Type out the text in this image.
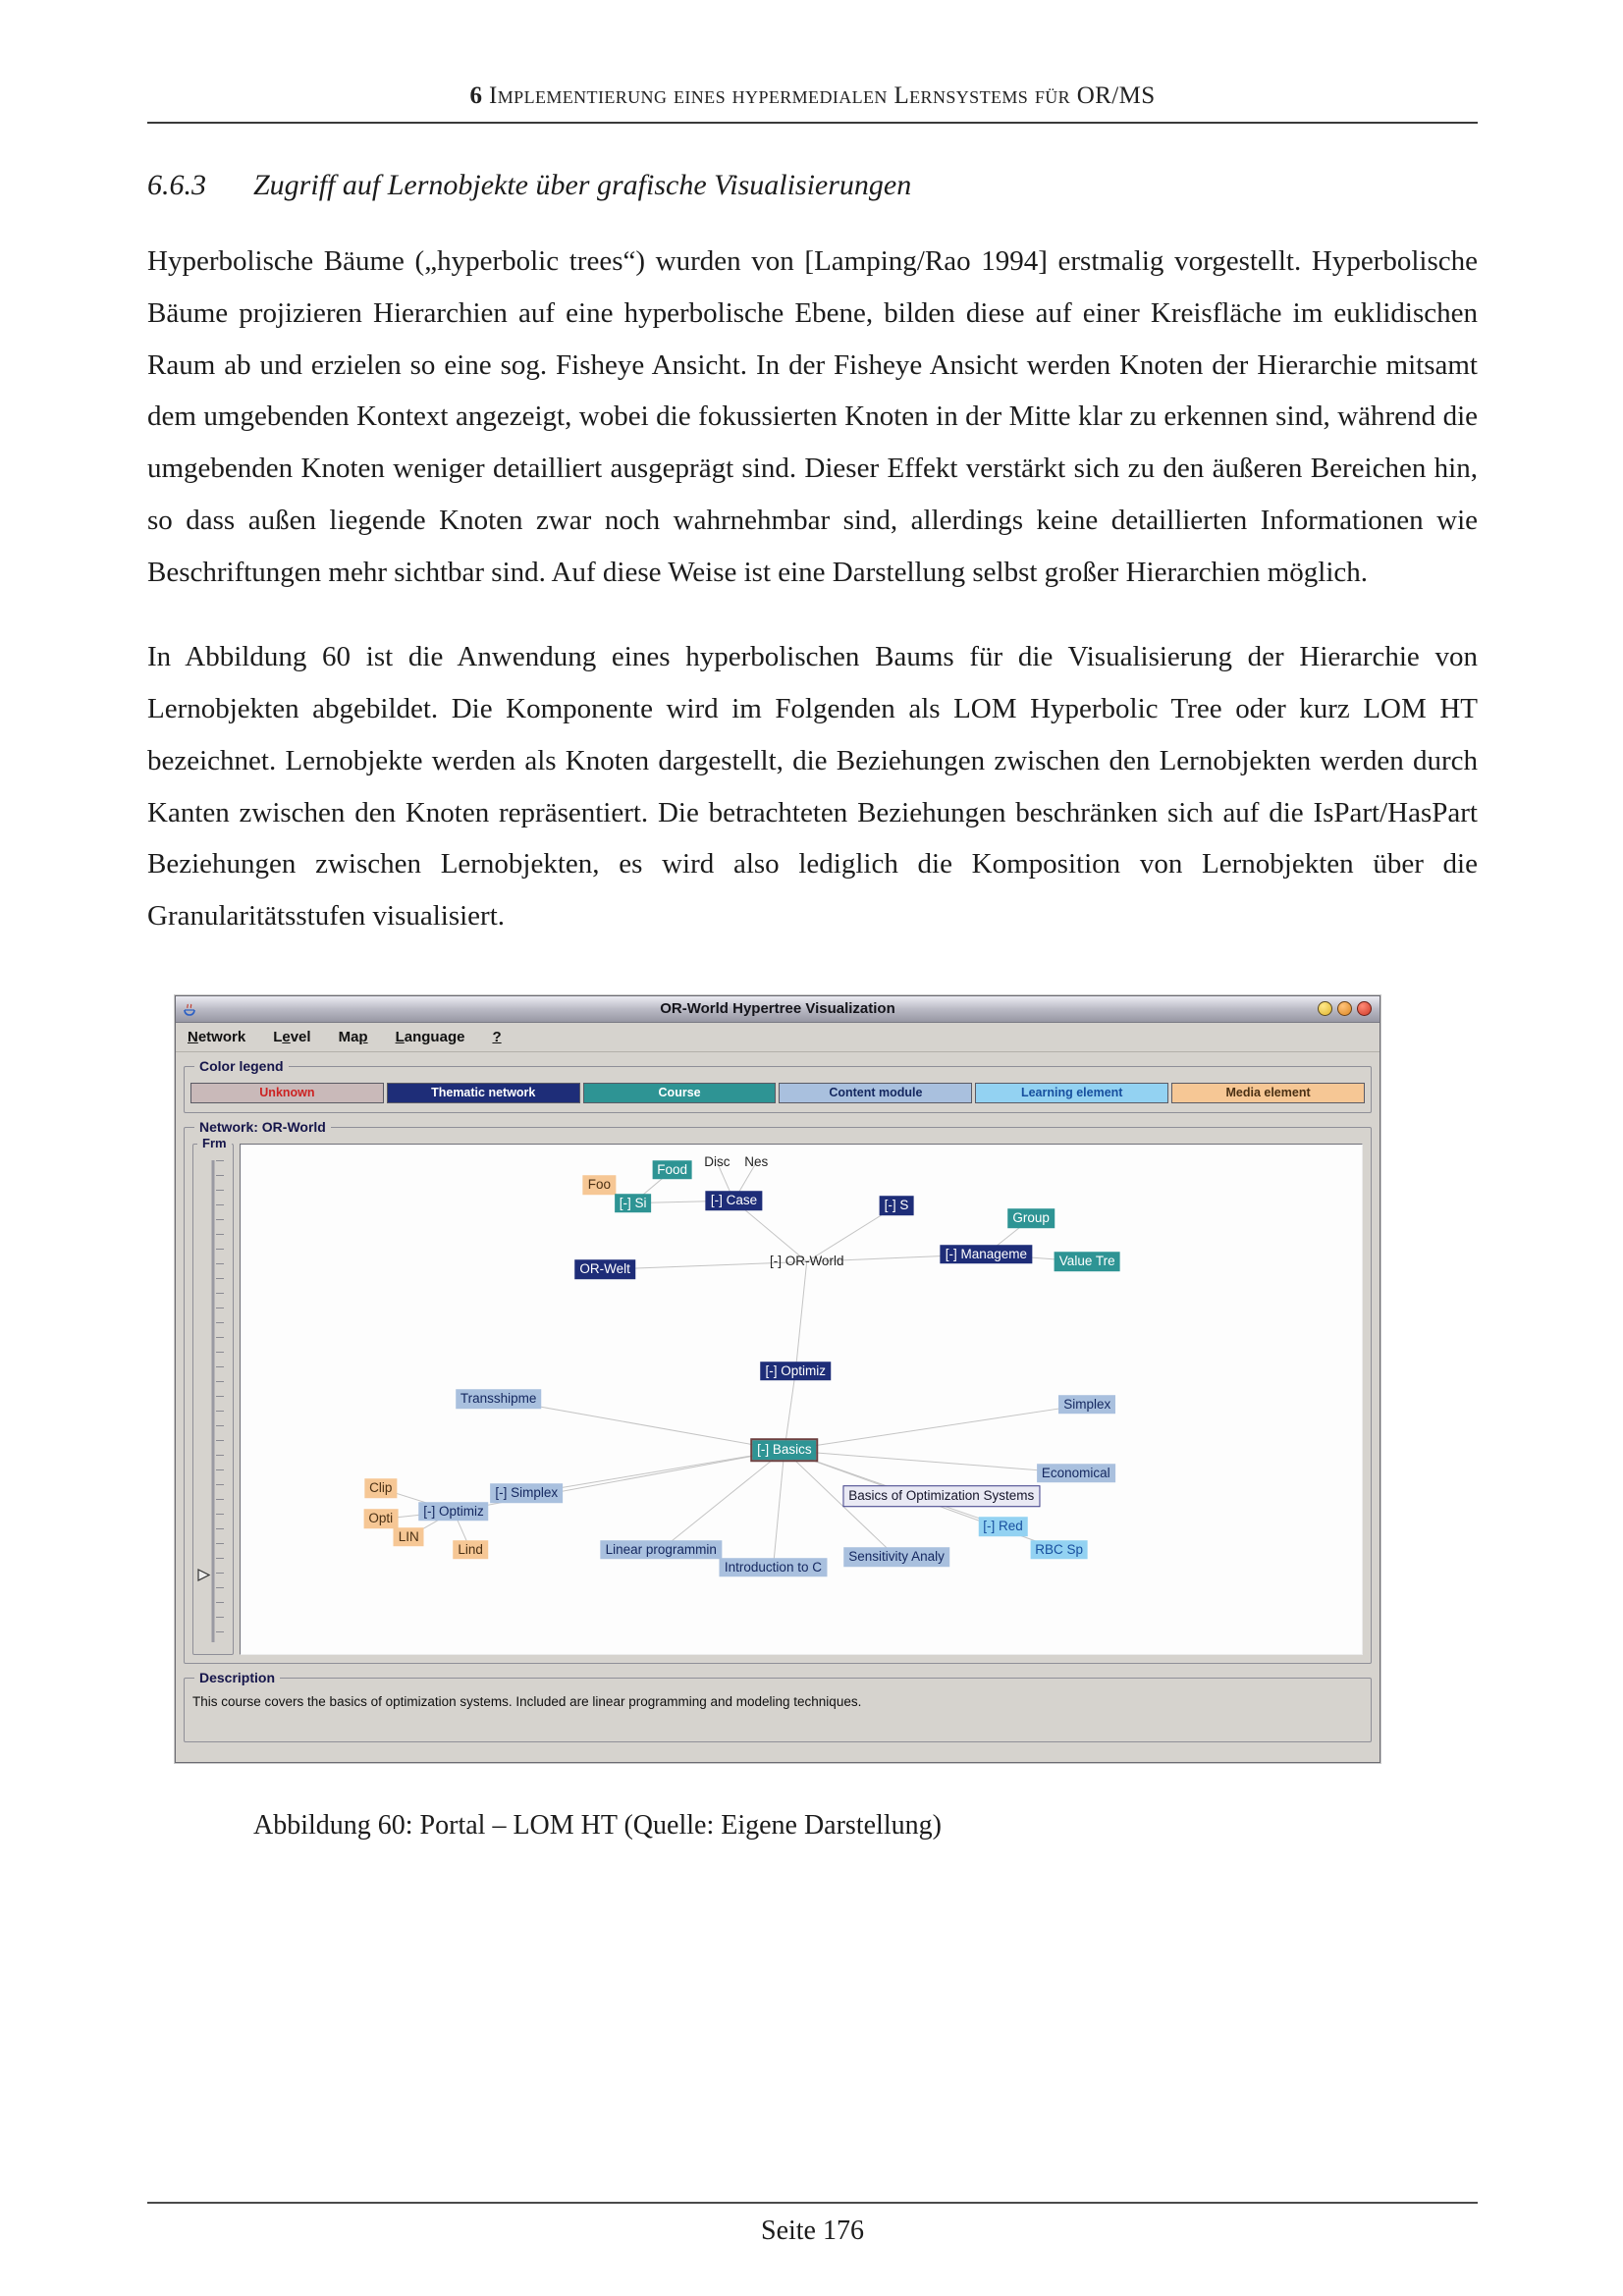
6 Implementierung eines hypermedialen Lernsystems für OR/MS
6.6.3 Zugriff auf Lernobjekte über grafische Visualisierungen

Hyperbolische Bäume („hyperbolic trees“) wurden von [Lamping/Rao 1994] erstmalig vorgestellt. Hyperbolische Bäume projizieren Hierarchien auf eine hyperbolische Ebene, bilden diese auf einer Kreisfläche im euklidischen Raum ab und erzielen so eine sog. Fisheye Ansicht. In der Fisheye Ansicht werden Knoten der Hierarchie mitsamt dem umgebenden Kontext angezeigt, wobei die fokussierten Knoten in der Mitte klar zu erkennen sind, während die umgebenden Knoten weniger detailliert ausgeprägt sind. Dieser Effekt verstärkt sich zu den äußeren Bereichen hin, so dass außen liegende Knoten zwar noch wahrnehmbar sind, allerdings keine detaillierten Informationen wie Beschriftungen mehr sichtbar sind. Auf diese Weise ist eine Darstellung selbst großer Hierarchien möglich.

In Abbildung 60 ist die Anwendung eines hyperbolischen Baums für die Visualisierung der Hierarchie von Lernobjekten abgebildet. Die Komponente wird im Folgenden als LOM Hyperbolic Tree oder kurz LOM HT bezeichnet. Lernobjekte werden als Knoten dargestellt, die Beziehungen zwischen den Lernobjekten werden durch Kanten zwischen den Knoten repräsentiert. Die betrachteten Beziehungen beschränken sich auf die IsPart/HasPart Beziehungen zwischen Lernobjekten, es wird also lediglich die Komposition von Lernobjekten über die Granularitätsstufen visualisiert.

OR-World Hypertree Visualization
Network Level Map Language ?
Color legend
Unknown	Thematic network	Course	Content module	Learning element	Media element
Network: OR-World
Frm
Foo
Food
Disc Nes
[-] Si	[-] Case	[-] S
Group
[-] Manageme
Value Tre
OR-Welt
[-] OR-World
[-] Optimiz
Transshipme	Simplex
[-] Basics
Economical
Basics of Optimization Systems
Clip	[-] Simplex
Opti
[-] Optimiz
LIN
Lind	Linear programmin
Introduction to C
Sensitivity Analy
[-] Red
RBC Sp
Description
This course covers the basics of optimization systems. Included are linear programming and modeling techniques.
Abbildung 60: Portal – LOM HT (Quelle: Eigene Darstellung)
Seite 176
